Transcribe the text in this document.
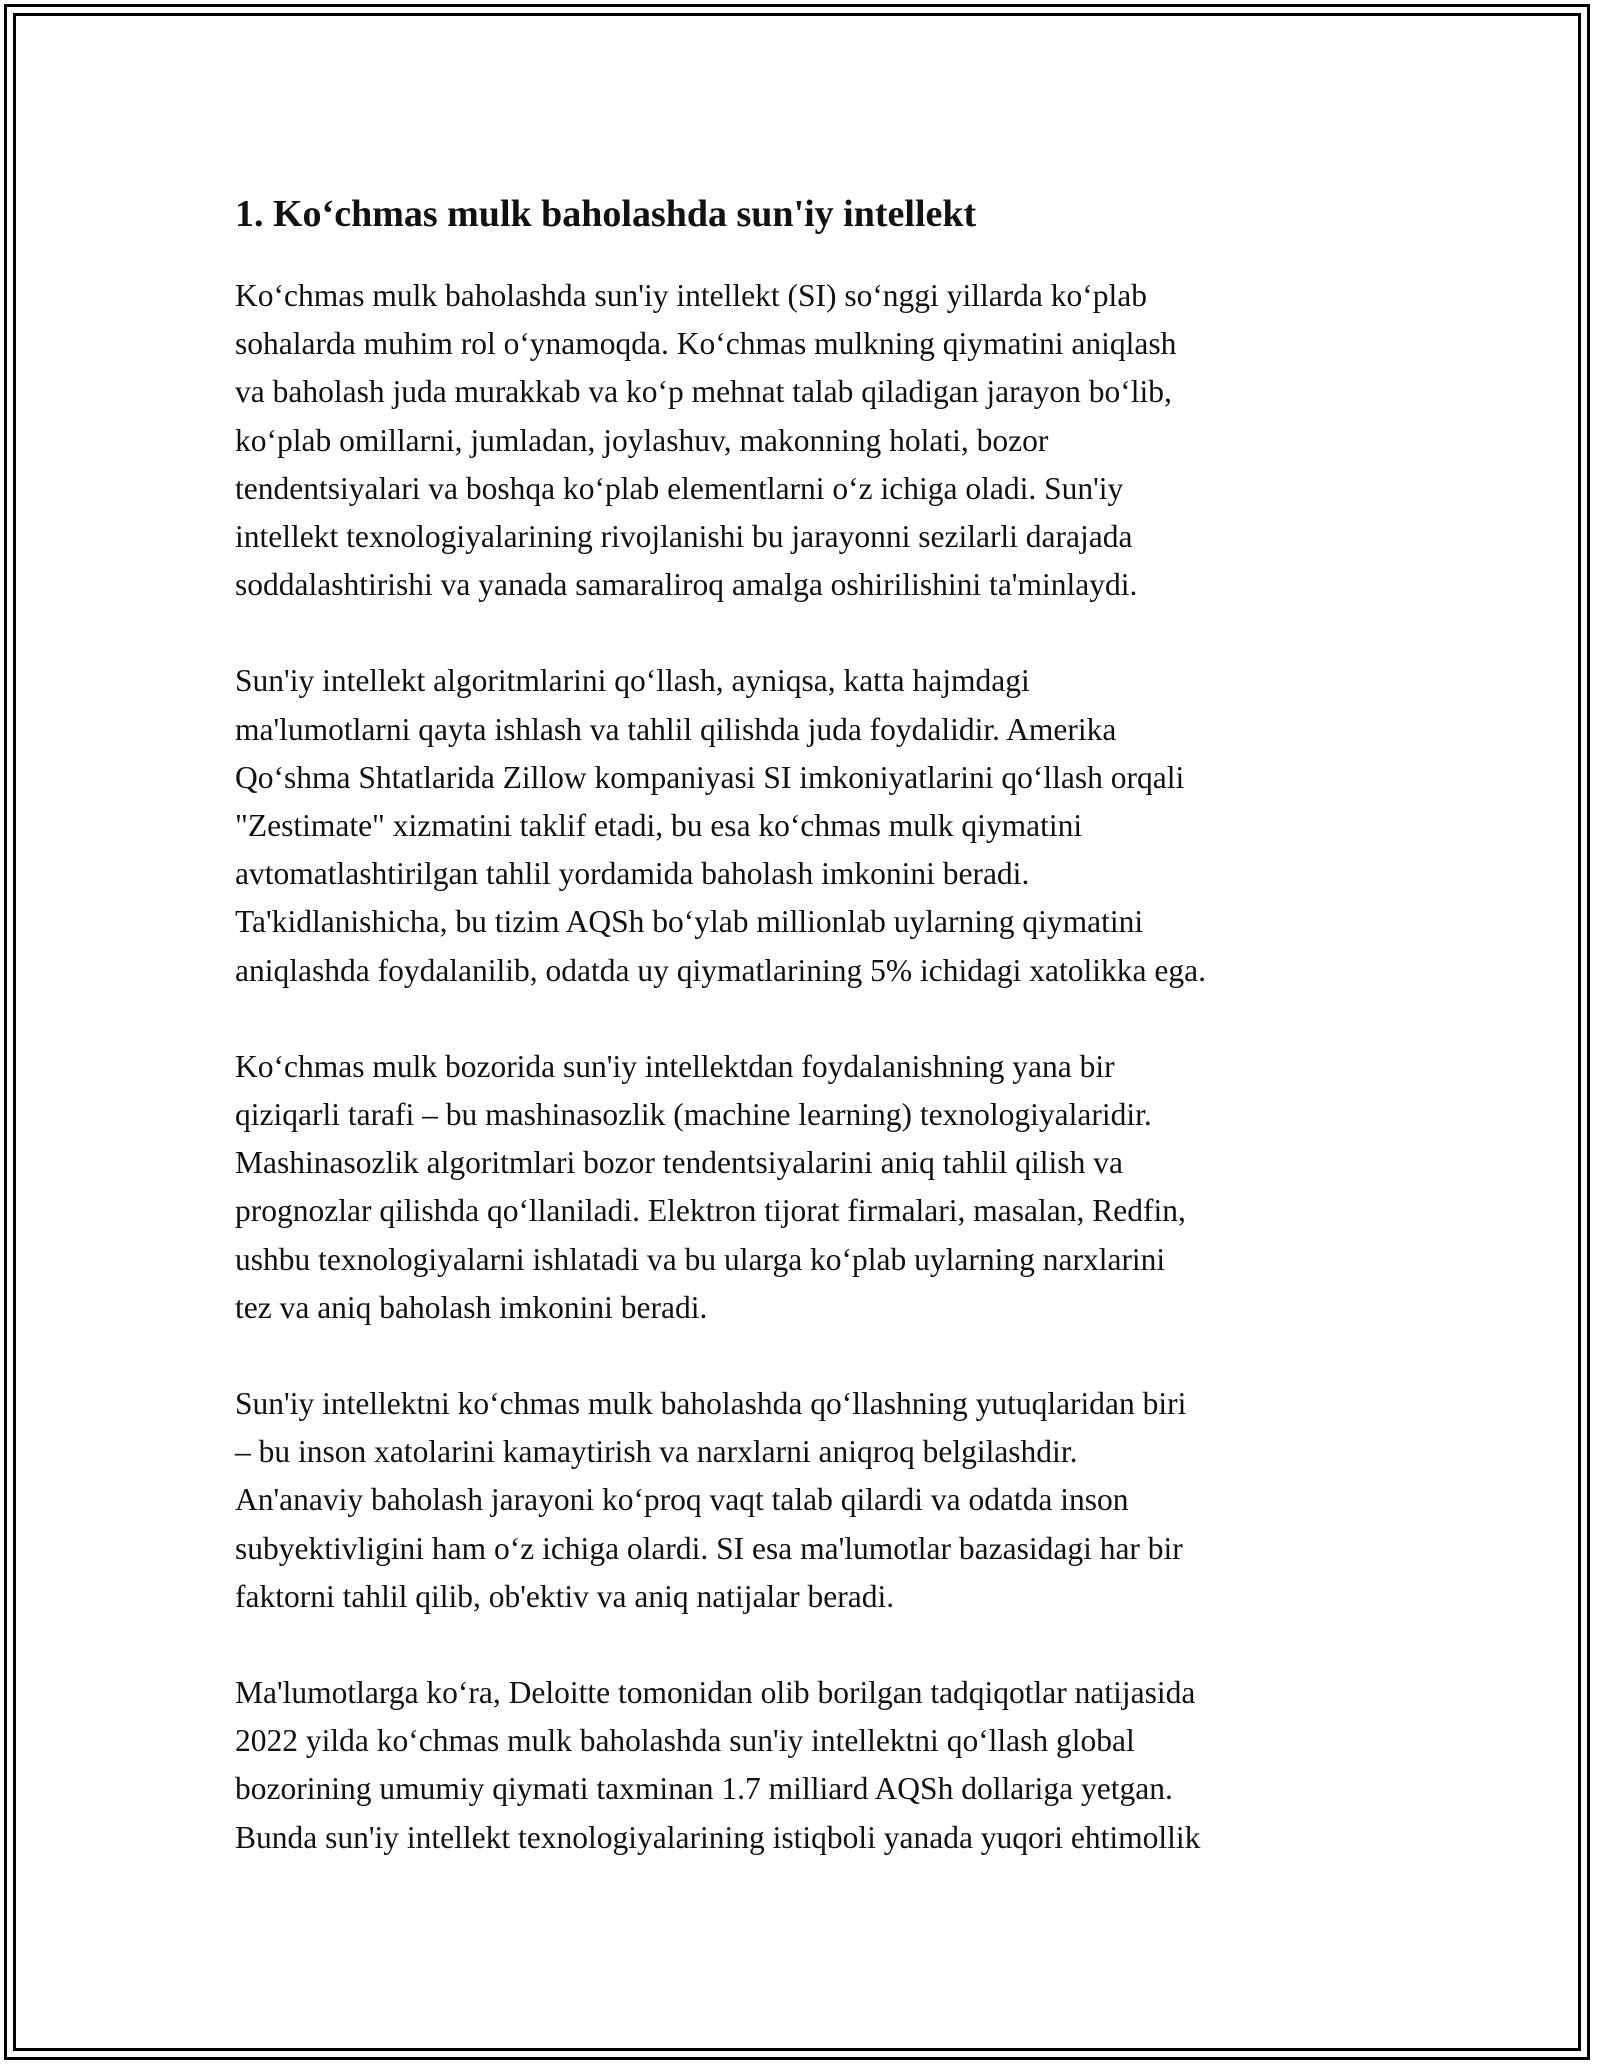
1. Ko‘chmas mulk baholashda sun'iy intellekt

Ko‘chmas mulk baholashda sun'iy intellekt (SI) so‘nggi yillarda ko‘plab
sohalarda muhim rol o‘ynamoqda. Ko‘chmas mulkning qiymatini aniqlash
va baholash juda murakkab va ko‘p mehnat talab qiladigan jarayon bo‘lib,
ko‘plab omillarni, jumladan, joylashuv, makonning holati, bozor
tendentsiyalari va boshqa ko‘plab elementlarni o‘z ichiga oladi. Sun'iy
intellekt texnologiyalarining rivojlanishi bu jarayonni sezilarli darajada
soddalashtirishi va yanada samaraliroq amalga oshirilishini ta'minlaydi.

Sun'iy intellekt algoritmlarini qo‘llash, ayniqsa, katta hajmdagi
ma'lumotlarni qayta ishlash va tahlil qilishda juda foydalidir. Amerika
Qo‘shma Shtatlarida Zillow kompaniyasi SI imkoniyatlarini qo‘llash orqali
"Zestimate" xizmatini taklif etadi, bu esa ko‘chmas mulk qiymatini
avtomatlashtirilgan tahlil yordamida baholash imkonini beradi.
Ta'kidlanishicha, bu tizim AQSh bo‘ylab millionlab uylarning qiymatini
aniqlashda foydalanilib, odatda uy qiymatlarining 5% ichidagi xatolikka ega.

Ko‘chmas mulk bozorida sun'iy intellektdan foydalanishning yana bir
qiziqarli tarafi – bu mashinasozlik (machine learning) texnologiyalaridir.
Mashinasozlik algoritmlari bozor tendentsiyalarini aniq tahlil qilish va
prognozlar qilishda qo‘llaniladi. Elektron tijorat firmalari, masalan, Redfin,
ushbu texnologiyalarni ishlatadi va bu ularga ko‘plab uylarning narxlarini
tez va aniq baholash imkonini beradi.

Sun'iy intellektni ko‘chmas mulk baholashda qo‘llashning yutuqlaridan biri
– bu inson xatolarini kamaytirish va narxlarni aniqroq belgilashdir.
An'anaviy baholash jarayoni ko‘proq vaqt talab qilardi va odatda inson
subyektivligini ham o‘z ichiga olardi. SI esa ma'lumotlar bazasidagi har bir
faktorni tahlil qilib, ob'ektiv va aniq natijalar beradi.

Ma'lumotlarga ko‘ra, Deloitte tomonidan olib borilgan tadqiqotlar natijasida
2022 yilda ko‘chmas mulk baholashda sun'iy intellektni qo‘llash global
bozorining umumiy qiymati taxminan 1.7 milliard AQSh dollariga yetgan.
Bunda sun'iy intellekt texnologiyalarining istiqboli yanada yuqori ehtimollik
